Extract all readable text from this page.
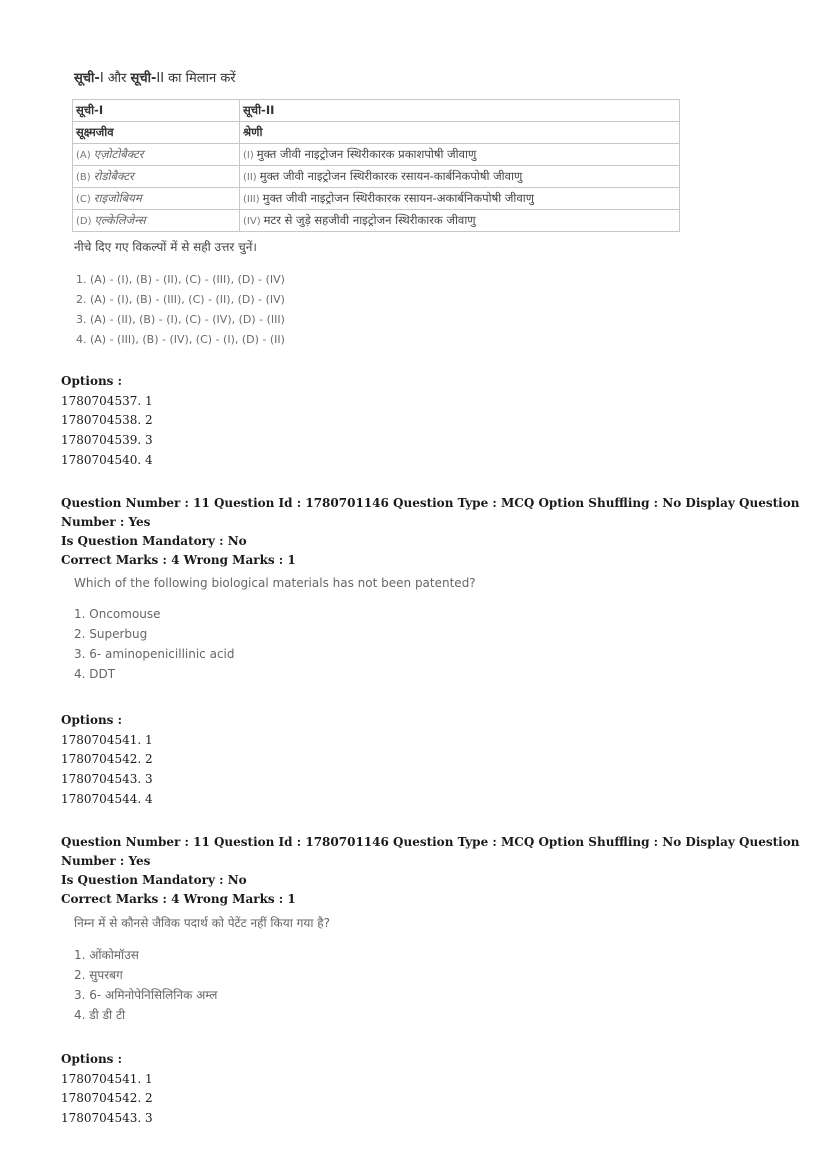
सूची-I और सूची-II का मिलान करें
सूची-I	सूची-II
सूक्ष्मजीव	श्रेणी
(A) एज़ोटोबैक्टर	(I) मुक्त जीवी नाइट्रोजन स्थिरीकारक प्रकाशपोषी जीवाणु
(B) रोडोबैक्टर	(II) मुक्त जीवी नाइट्रोजन स्थिरीकारक रसायन-कार्बनिकपोषी जीवाणु
(C) राइजोबियम	(III) मुक्त जीवी नाइट्रोजन स्थिरीकारक रसायन-अकार्बनिकपोषी जीवाणु
(D) एल्केलिजेन्स	(IV) मटर से जुड़े सहजीवी नाइट्रोजन स्थिरीकारक जीवाणु
नीचे दिए गए विकल्पों में से सही उत्तर चुनें।
1. (A) - (I), (B) - (II), (C) - (III), (D) - (IV)
2. (A) - (I), (B) - (III), (C) - (II), (D) - (IV)
3. (A) - (II), (B) - (I), (C) - (IV), (D) - (III)
4. (A) - (III), (B) - (IV), (C) - (I), (D) - (II)
Options :
1780704537. 1
1780704538. 2
1780704539. 3
1780704540. 4
Question Number : 11 Question Id : 1780701146 Question Type : MCQ Option Shuffling : No Display Question Number : Yes
Is Question Mandatory : No
Correct Marks : 4 Wrong Marks : 1
Which of the following biological materials has not been patented?
1. Oncomouse
2. Superbug
3. 6- aminopenicillinic acid
4. DDT
Options :
1780704541. 1
1780704542. 2
1780704543. 3
1780704544. 4
Question Number : 11 Question Id : 1780701146 Question Type : MCQ Option Shuffling : No Display Question Number : Yes
Is Question Mandatory : No
Correct Marks : 4 Wrong Marks : 1
निम्न में से कौनसे जैविक पदार्थ को पेटेंट नहीं किया गया है?
1. ओंकोमॉउस
2. सुपरबग
3. 6- अमिनोपेनिसिलिनिक अम्ल
4. डी डी टी
Options :
1780704541. 1
1780704542. 2
1780704543. 3
